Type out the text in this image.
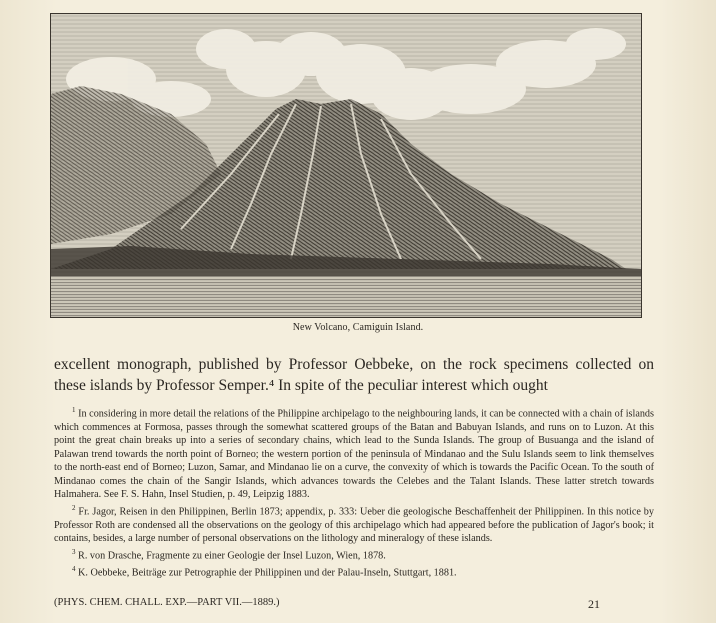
New Volcano, Camiguin Island.

excellent monograph, published by Professor Oebbeke, on the rock specimens collected on these islands by Professor Semper.⁴ In spite of the peculiar interest which ought

$^1$ In considering in more detail the relations of the Philippine archipelago to the neighbouring lands, it can be connected with a chain of islands which commences at Formosa, passes through the somewhat scattered groups of the Batan and Babuyan Islands, and runs on to Luzon. At this point the great chain breaks up into a series of secondary chains, which lead to the Sunda Islands. The group of Busuanga and the island of Palawan trend towards the north point of Borneo; the western portion of the peninsula of Mindanao and the Sulu Islands seem to link themselves to the north-east end of Borneo; Luzon, Samar, and Mindanao lie on a curve, the convexity of which is towards the Pacific Ocean. To the south of Mindanao comes the chain of the Sangir Islands, which advances towards the Celebes and the Talant Islands. These latter stretch towards Halmahera. See F. S. Hahn, Insel Studien, p. 49, Leipzig 1883.

$^2$ Fr. Jagor, Reisen in den Philippinen, Berlin 1873; appendix, p. 333: Ueber die geologische Beschaffenheit der Philippinen. In this notice by Professor Roth are condensed all the observations on the geology of this archipelago which had appeared before the publication of Jagor's book; it contains, besides, a large number of personal observations on the lithology and mineralogy of these islands.

$^3$ R. von Drasche, Fragmente zu einer Geologie der Insel Luzon, Wien, 1878.

$^4$ K. Oebbeke, Beiträge zur Petrographie der Philippinen und der Palau-Inseln, Stuttgart, 1881.

(PHYS. CHEM. CHALL. EXP.—PART VII.—1889.)	21
